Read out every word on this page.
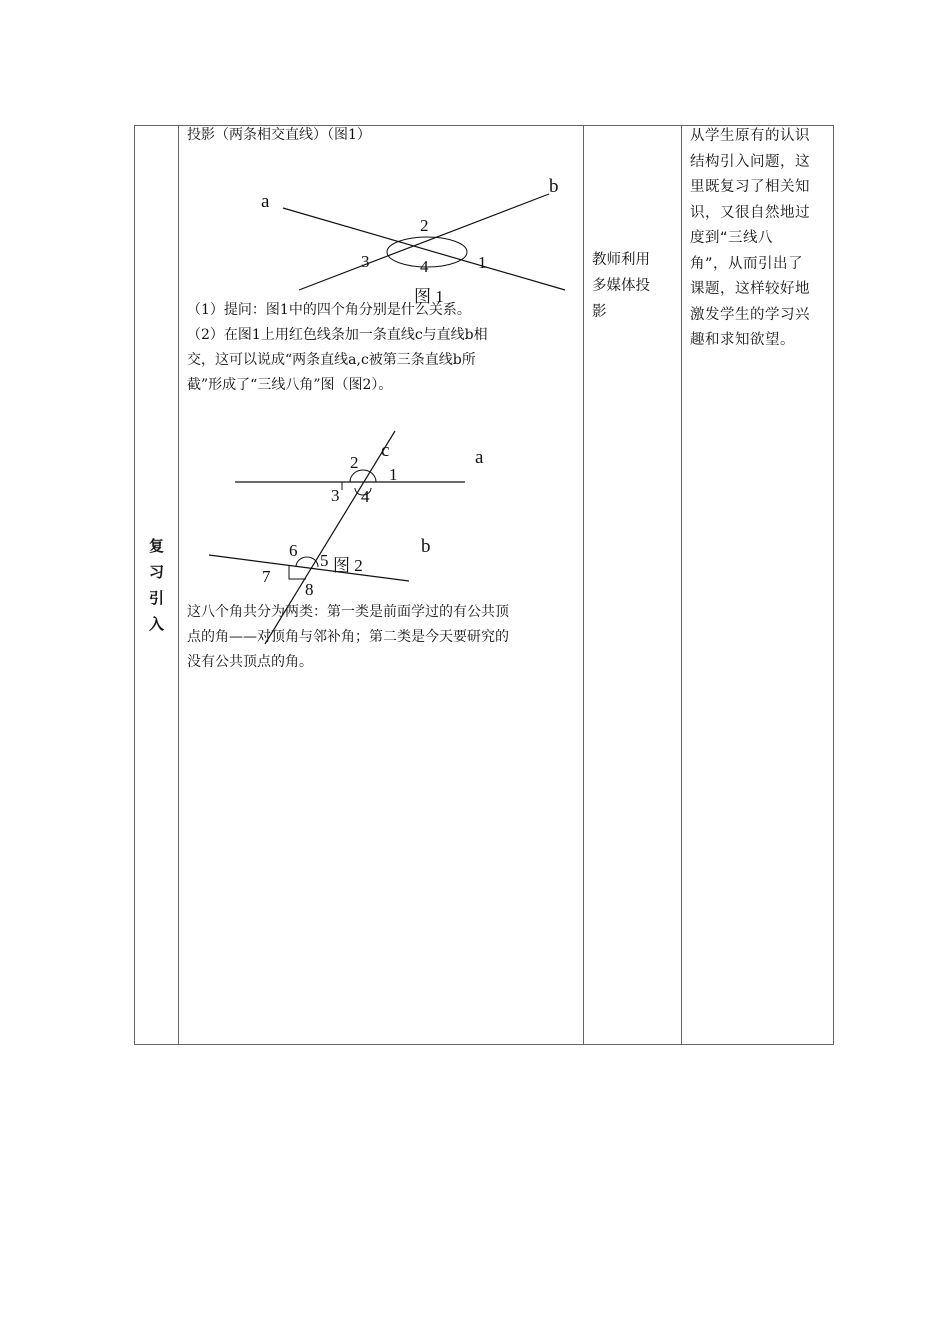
复习引入	
投影（两条相交直线）（图1）
a
b
2
3	4	1
图 1
（1）提问：图1中的四个角分别是什么关系。
（2）在图1上用红色线条加一条直线c与直线b相
交，这可以说成“两条直线a,c被第三条直线b所
截”形成了“三线八角”图（图2）。
c	a
b
2
1
3 4
6
5 图 2
7
8
这八个角共分为两类：第一类是前面学过的有公共顶
点的角——对顶角与邻补角；第二类是今天要研究的
没有公共顶点的角。

教师利用
多媒体投
影

从学生原有的认识
结构引入问题，这
里既复习了相关知
识，又很自然地过
度到“三线八
角”，从而引出了
课题，这样较好地
激发学生的学习兴
趣和求知欲望。
